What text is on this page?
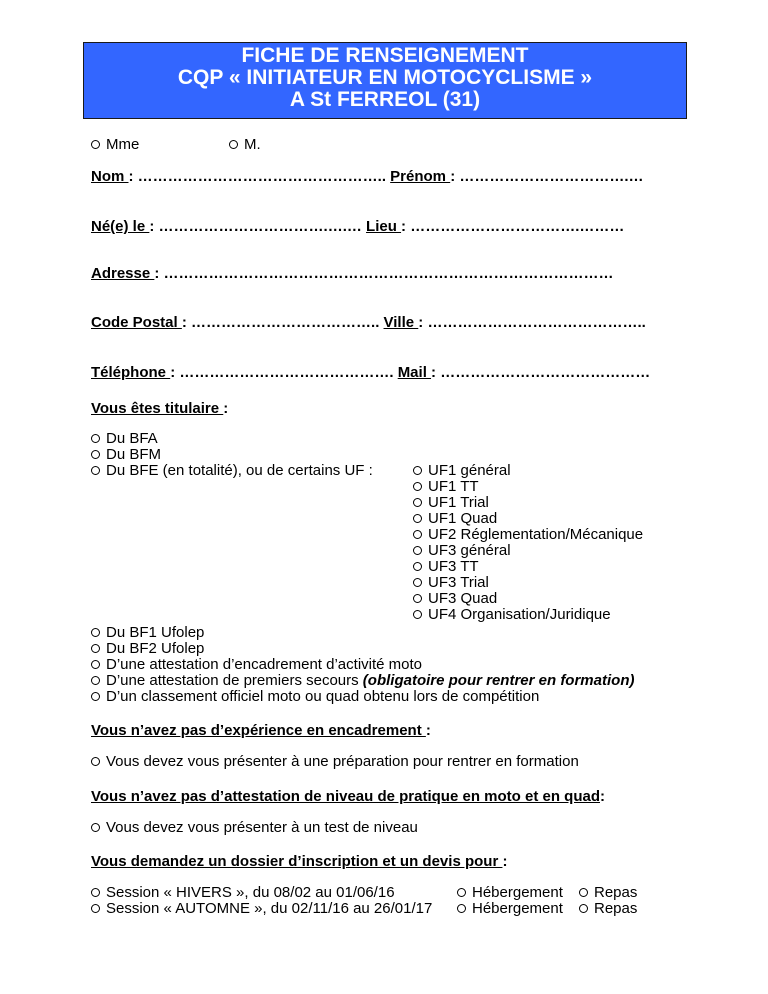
FICHE DE RENSEIGNEMENT
CQP « INITIATEUR EN MOTOCYCLISME »
A St FERREOL (31)
Mme	M.
Nom : ………………………………………….. Prénom : …………………………….…
Né(e) le : …………………………….….… Lieu : …………………………….………
Adresse : ………………………………………………………………………………
Code Postal : ……………………………….. Ville : ……………………………………..
Téléphone : ……………………………………. Mail : ……………………………………
Vous êtes titulaire :
Du BFA
Du BFM
Du BFE (en totalité), ou de certains UF :	UF1 général
UF1 TT
UF1 Trial
UF1 Quad
UF2 Réglementation/Mécanique
UF3 général
UF3 TT
UF3 Trial
UF3 Quad
UF4 Organisation/Juridique
Du BF1 Ufolep
Du BF2 Ufolep
D’une attestation d’encadrement d’activité moto
D’une attestation de premiers secours (obligatoire pour rentrer en formation)
D’un classement officiel moto ou quad obtenu lors de compétition
Vous n’avez pas d’expérience en encadrement :
Vous devez vous présenter à une préparation pour rentrer en formation
Vous n’avez pas d’attestation de niveau de pratique en moto et en quad:
Vous devez vous présenter à un test de niveau
Vous demandez un dossier d’inscription et un devis pour :
Session « HIVERS », du 08/02 au 01/06/16	Hébergement	Repas
Session « AUTOMNE », du 02/11/16 au 26/01/17	Hébergement	Repas
